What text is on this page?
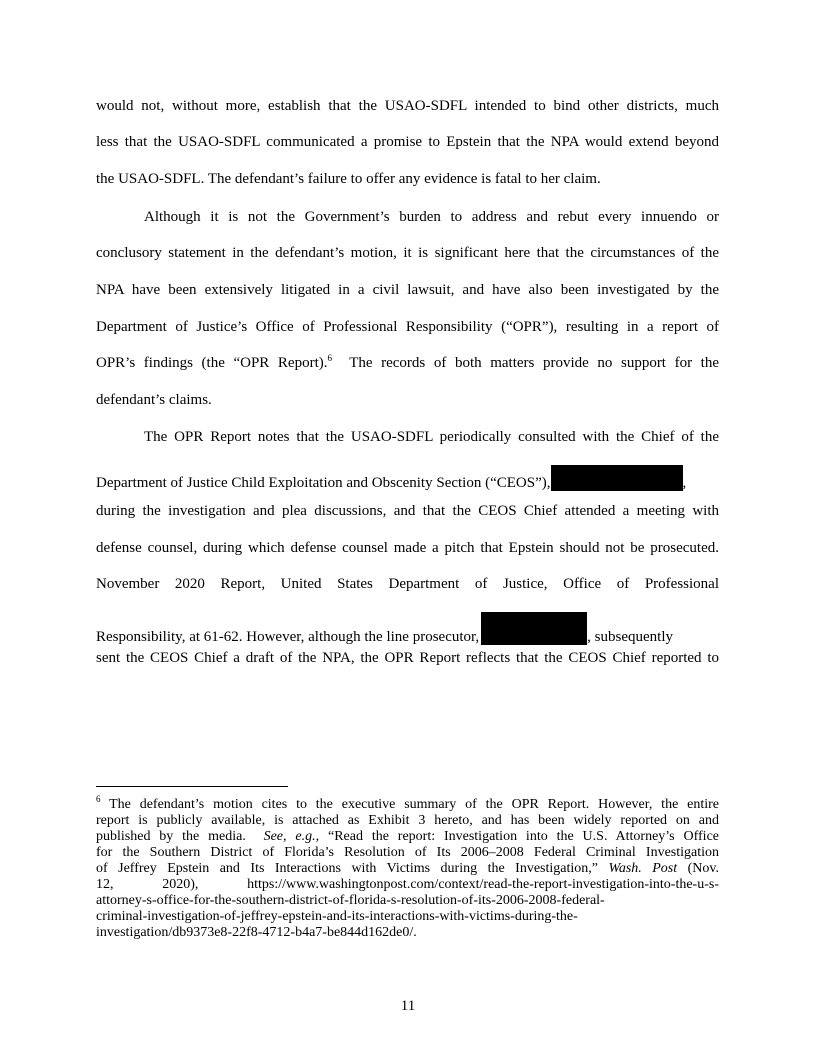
would not, without more, establish that the USAO-SDFL intended to bind other districts, much
less that the USAO-SDFL communicated a promise to Epstein that the NPA would extend beyond
the USAO-SDFL. The defendant’s failure to offer any evidence is fatal to her claim.
Although it is not the Government’s burden to address and rebut every innuendo or
conclusory statement in the defendant’s motion, it is significant here that the circumstances of the
NPA have been extensively litigated in a civil lawsuit, and have also been investigated by the
Department of Justice’s Office of Professional Responsibility (“OPR”), resulting in a report of
OPR’s findings (the “OPR Report).$^6$ The records of both matters provide no support for the
defendant’s claims.
The OPR Report notes that the USAO-SDFL periodically consulted with the Chief of the
Department of Justice Child Exploitation and Obscenity Section (“CEOS”),	,
during the investigation and plea discussions, and that the CEOS Chief attended a meeting with
defense counsel, during which defense counsel made a pitch that Epstein should not be prosecuted.
November 2020 Report, United States Department of Justice, Office of Professional
Responsibility, at 61-62. However, although the line prosecutor,	, subsequently
sent the CEOS Chief a draft of the NPA, the OPR Report reflects that the CEOS Chief reported to
$^6$ The defendant’s motion cites to the executive summary of the OPR Report. However, the entire
report is publicly available, is attached as Exhibit 3 hereto, and has been widely reported on and
published by the media. See, e.g., “Read the report: Investigation into the U.S. Attorney’s Office
for the Southern District of Florida’s Resolution of Its 2006–2008 Federal Criminal Investigation
of Jeffrey Epstein and Its Interactions with Victims during the Investigation,” Wash. Post (Nov.
12, 2020), https://www.washingtonpost.com/context/read-the-report-investigation-into-the-u-s-
attorney-s-office-for-the-southern-district-of-florida-s-resolution-of-its-2006-2008-federal-
criminal-investigation-of-jeffrey-epstein-and-its-interactions-with-victims-during-the-
investigation/db9373e8-22f8-4712-b4a7-be844d162de0/.
11
